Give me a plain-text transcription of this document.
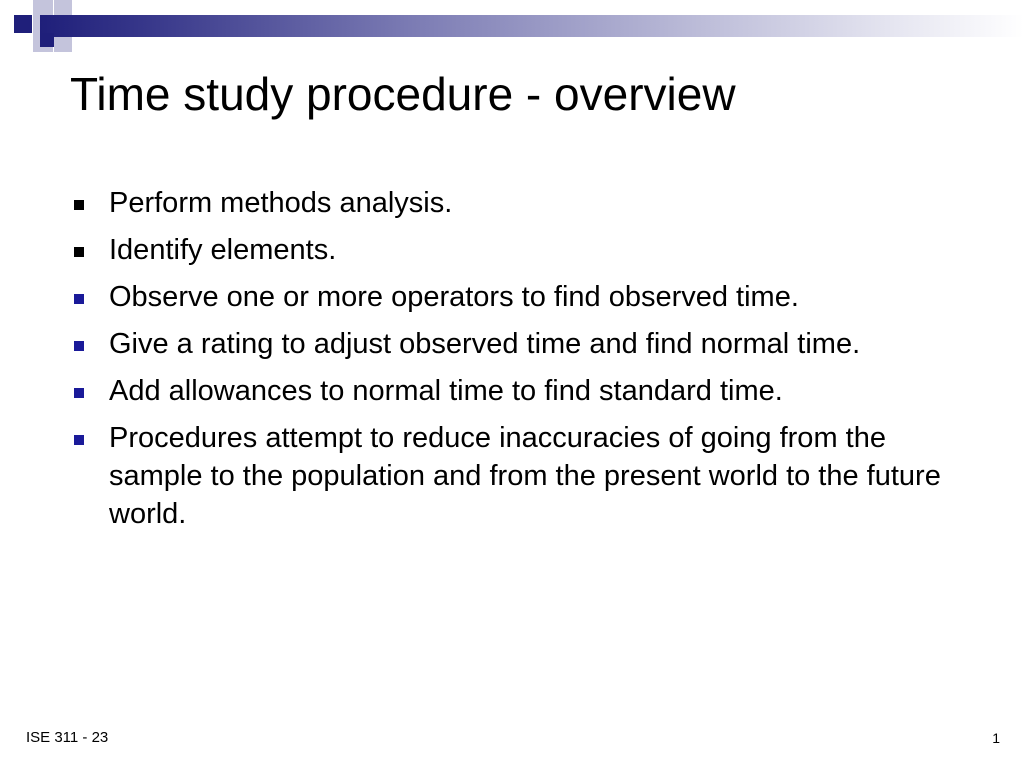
Time study procedure - overview
Perform methods analysis.
Identify elements.
Observe one or more operators to find observed time.
Give a rating to adjust observed time and find normal time.
Add allowances to normal time to find standard time.
Procedures attempt to reduce inaccuracies of going from the sample to the population and from the present world to the future world.
ISE 311 - 23	1
